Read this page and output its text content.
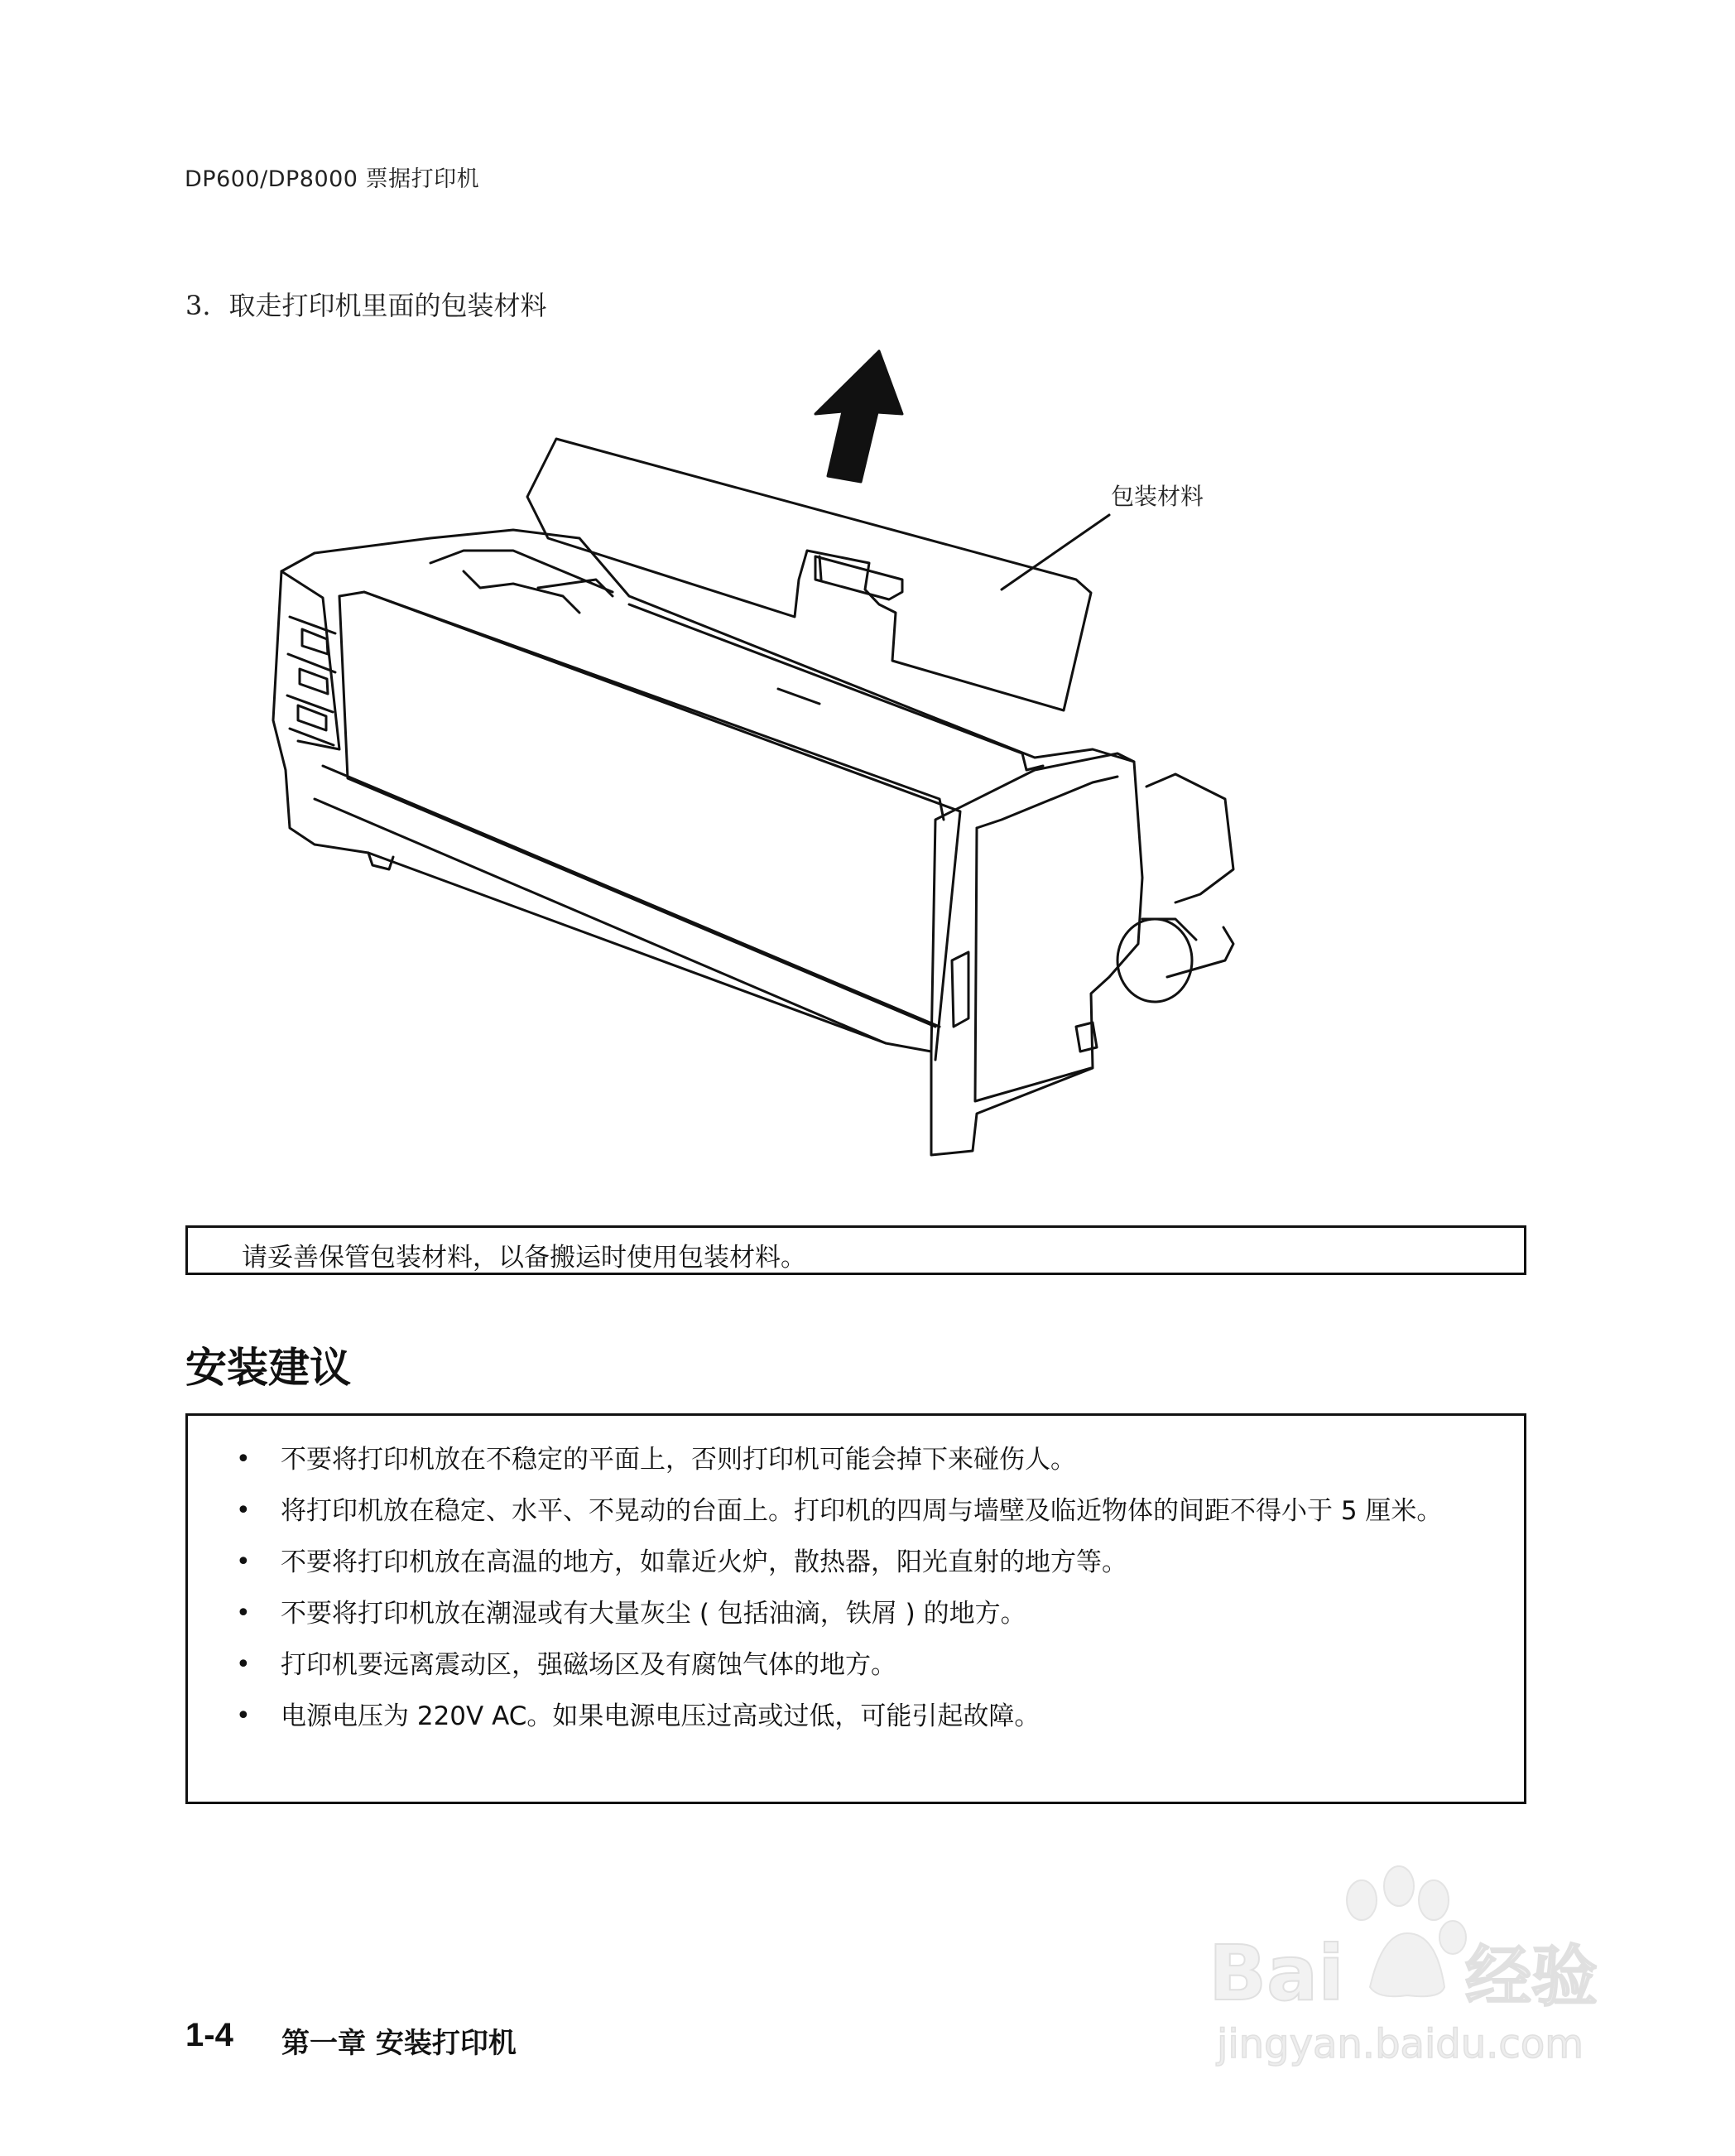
DP600/DP8000 票据打印机
3. 取走打印机里面的包装材料
包装材料
请妥善保管包装材料，以备搬运时使用包装材料。
安装建议
• 不要将打印机放在不稳定的平面上，否则打印机可能会掉下来碰伤人。
• 将打印机放在稳定、水平、不晃动的台面上。打印机的四周与墙壁及临近物体的间距不得小于 5 厘米。
• 不要将打印机放在高温的地方，如靠近火炉，散热器，阳光直射的地方等。
• 不要将打印机放在潮湿或有大量灰尘 ( 包括油滴，铁屑 ) 的地方。
• 打印机要远离震动区，强磁场区及有腐蚀气体的地方。
• 电源电压为 220V AC。如果电源电压过高或过低，可能引起故障。
1-4 第一章 安装打印机
Bai 经验
jingyan.baidu.com
